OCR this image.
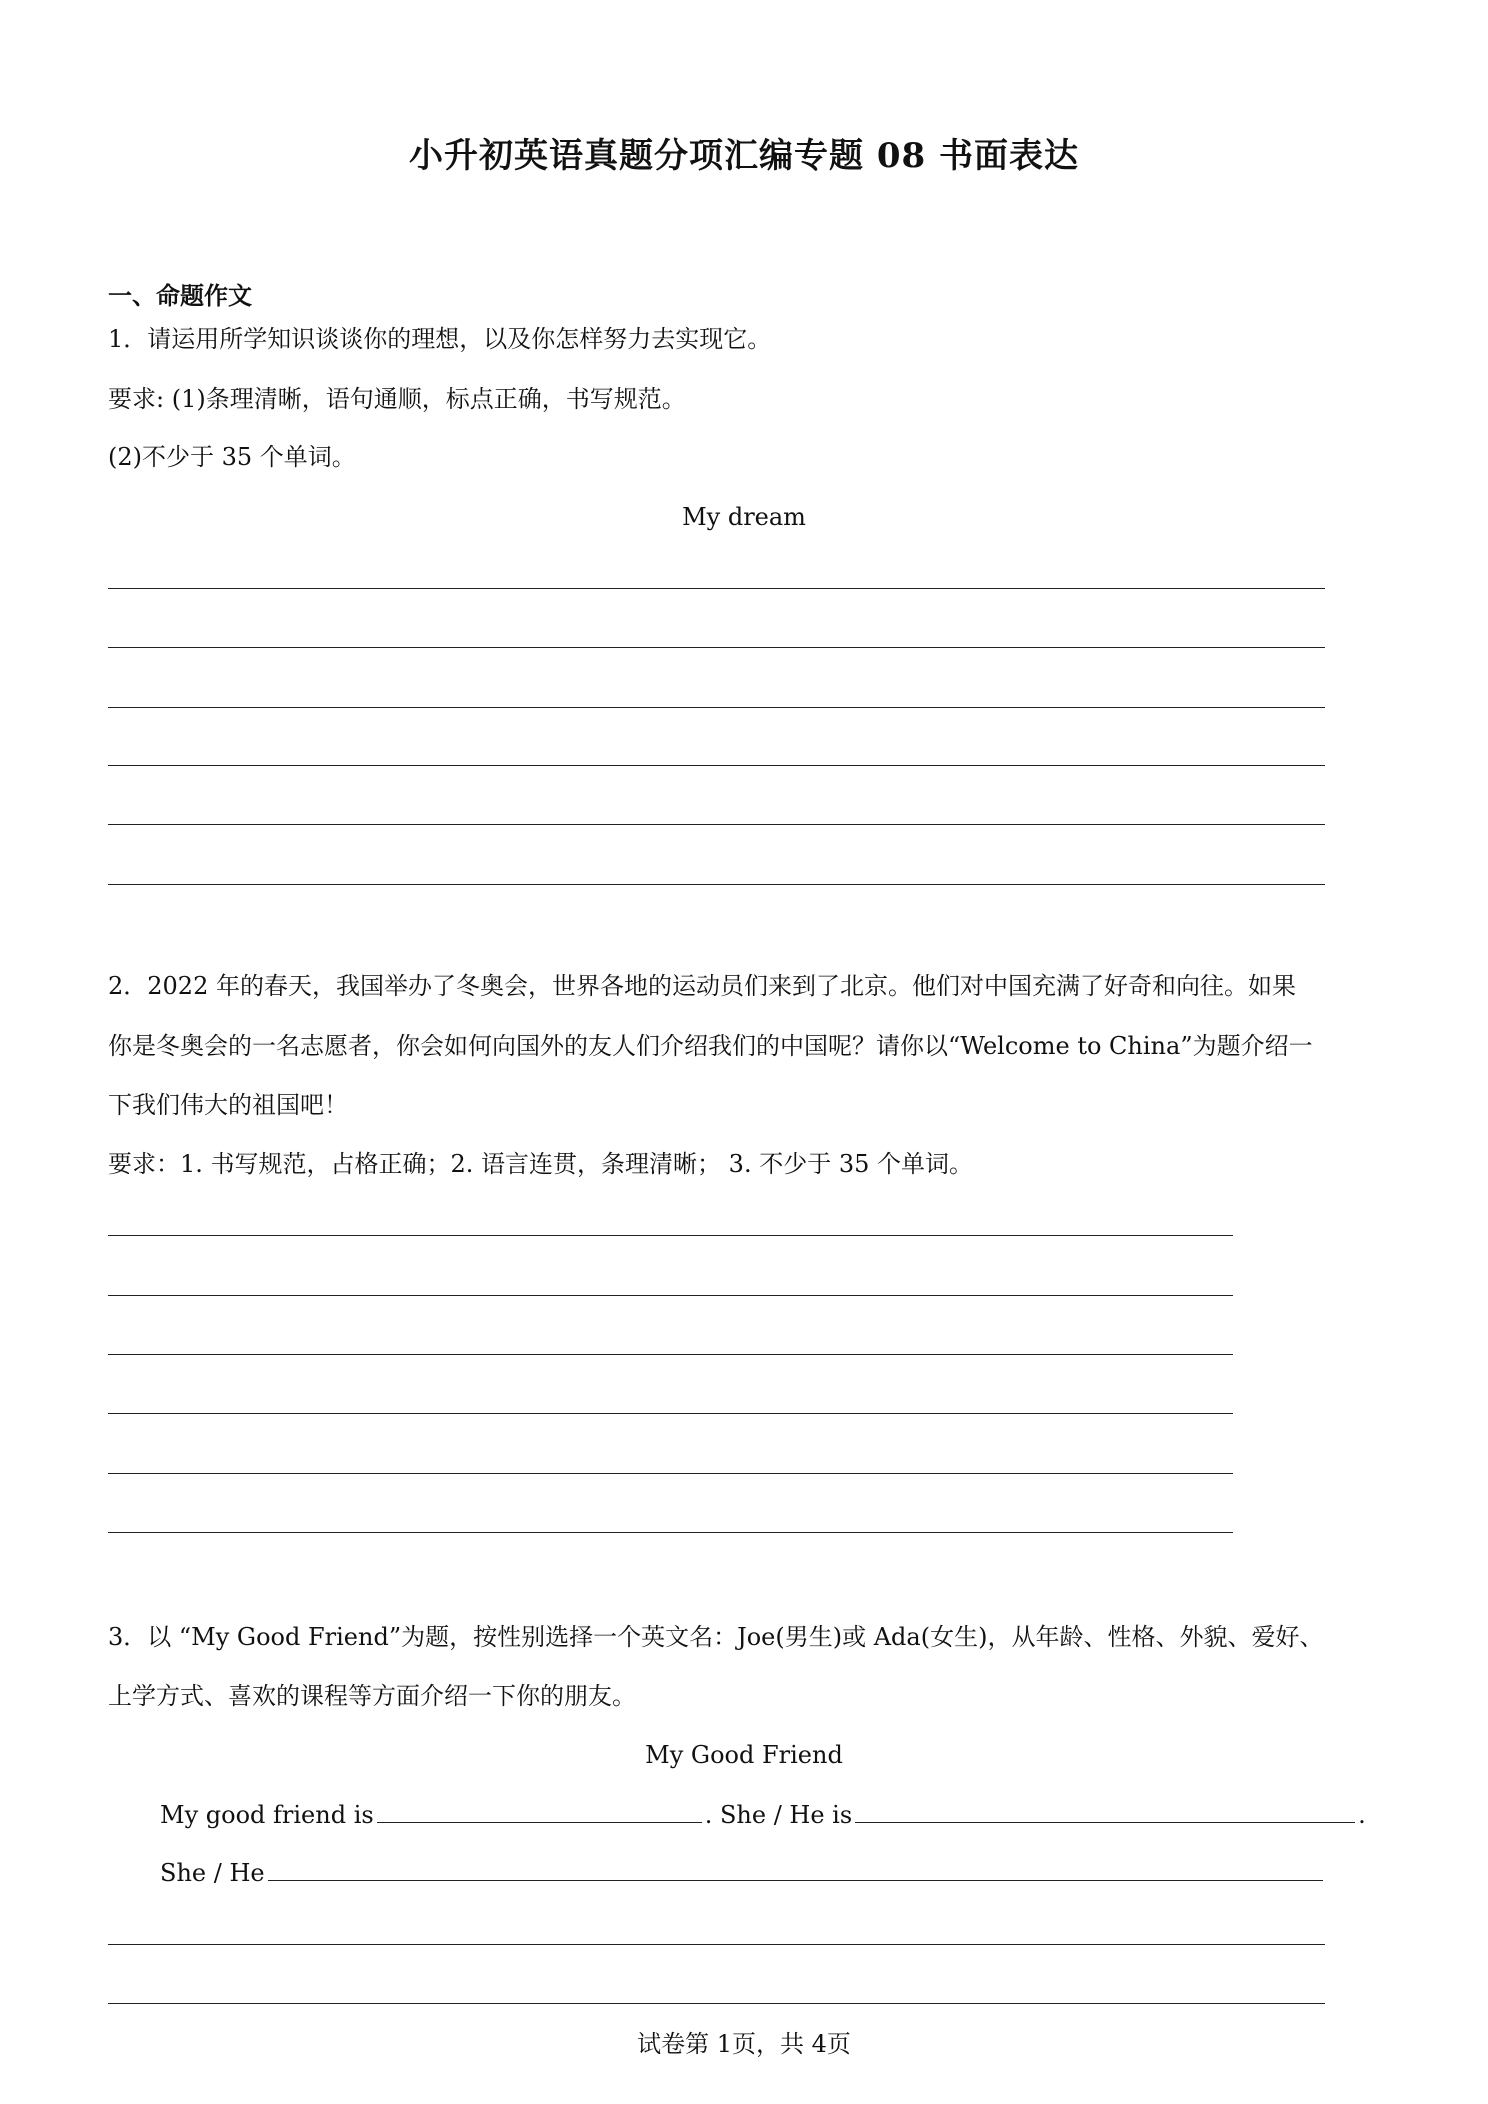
小升初英语真题分项汇编专题 08 书面表达
一、命题作文
1．请运用所学知识谈谈你的理想，以及你怎样努力去实现它。
要求: (1)条理清晰，语句通顺，标点正确，书写规范。
(2)不少于 35 个单词。
My dream
2．2022 年的春天，我国举办了冬奥会，世界各地的运动员们来到了北京。他们对中国充满了好奇和向往。如果
你是冬奥会的一名志愿者，你会如何向国外的友人们介绍我们的中国呢？请你以“Welcome to China”为题介绍一
下我们伟大的祖国吧！
要求：1. 书写规范，占格正确；2. 语言连贯，条理清晰； 3. 不少于 35 个单词。
3．以 “My Good Friend”为题，按性别选择一个英文名：Joe(男生)或 Ada(女生)，从年龄、性格、外貌、爱好、
上学方式、喜欢的课程等方面介绍一下你的朋友。
My Good Friend
My good friend is	. She / He is	.
She / He
试卷第 1页，共 4页
